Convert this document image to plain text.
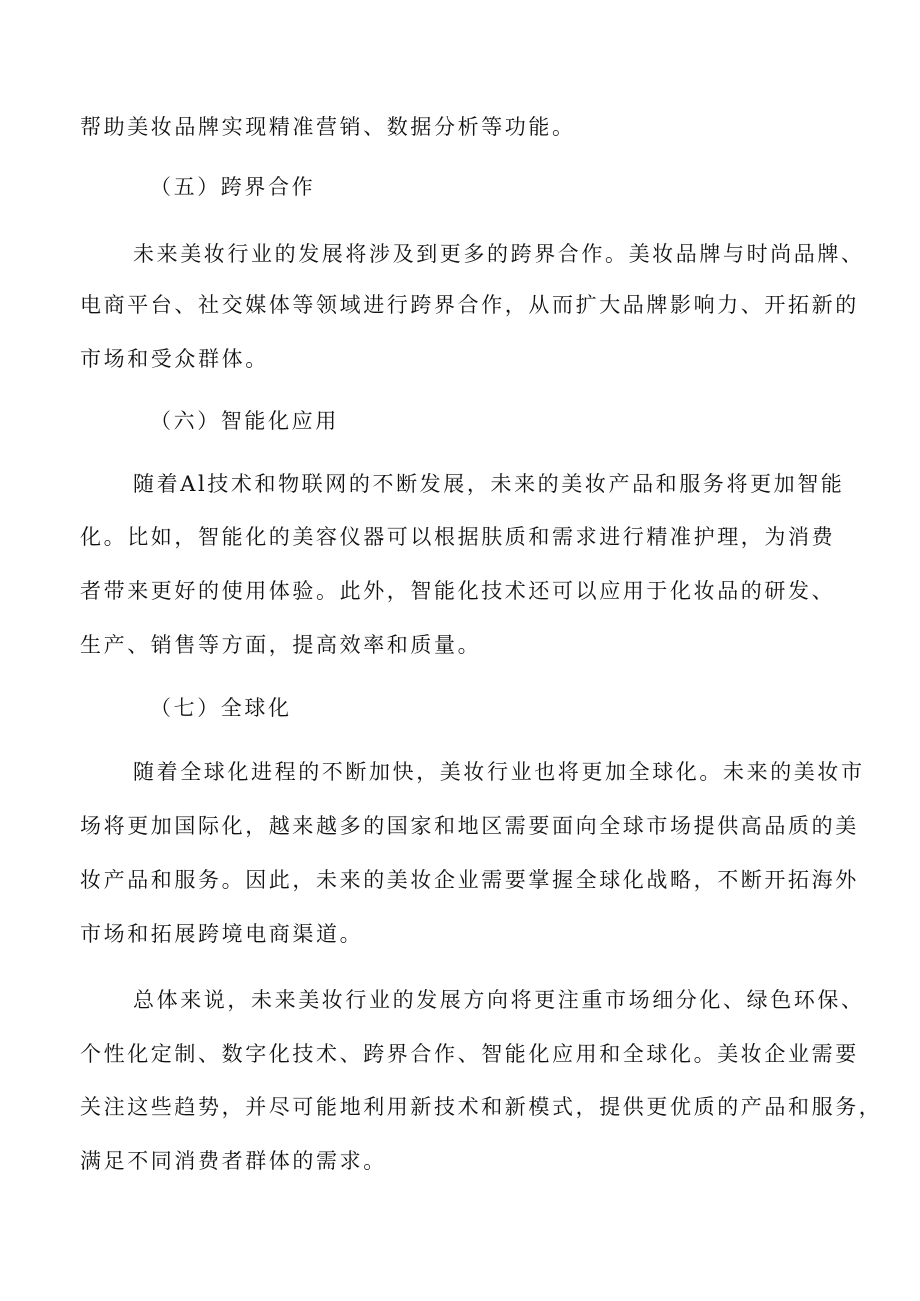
帮助美妆品牌实现精准营销、数据分析等功能。
（五）跨界合作
未来美妆行业的发展将涉及到更多的跨界合作。美妆品牌与时尚品牌、
电商平台、社交媒体等领域进行跨界合作，从而扩大品牌影响力、开拓新的
市场和受众群体。
（六）智能化应用
随着Al技术和物联网的不断发展，未来的美妆产品和服务将更加智能
化。比如，智能化的美容仪器可以根据肤质和需求进行精准护理，为消费
者带来更好的使用体验。此外，智能化技术还可以应用于化妆品的研发、
生产、销售等方面，提高效率和质量。
（七）全球化
随着全球化进程的不断加快，美妆行业也将更加全球化。未来的美妆市
场将更加国际化，越来越多的国家和地区需要面向全球市场提供高品质的美
妆产品和服务。因此，未来的美妆企业需要掌握全球化战略，不断开拓海外
市场和拓展跨境电商渠道。
总体来说，未来美妆行业的发展方向将更注重市场细分化、绿色环保、
个性化定制、数字化技术、跨界合作、智能化应用和全球化。美妆企业需要
关注这些趋势，并尽可能地利用新技术和新模式，提供更优质的产品和服务，
满足不同消费者群体的需求。
